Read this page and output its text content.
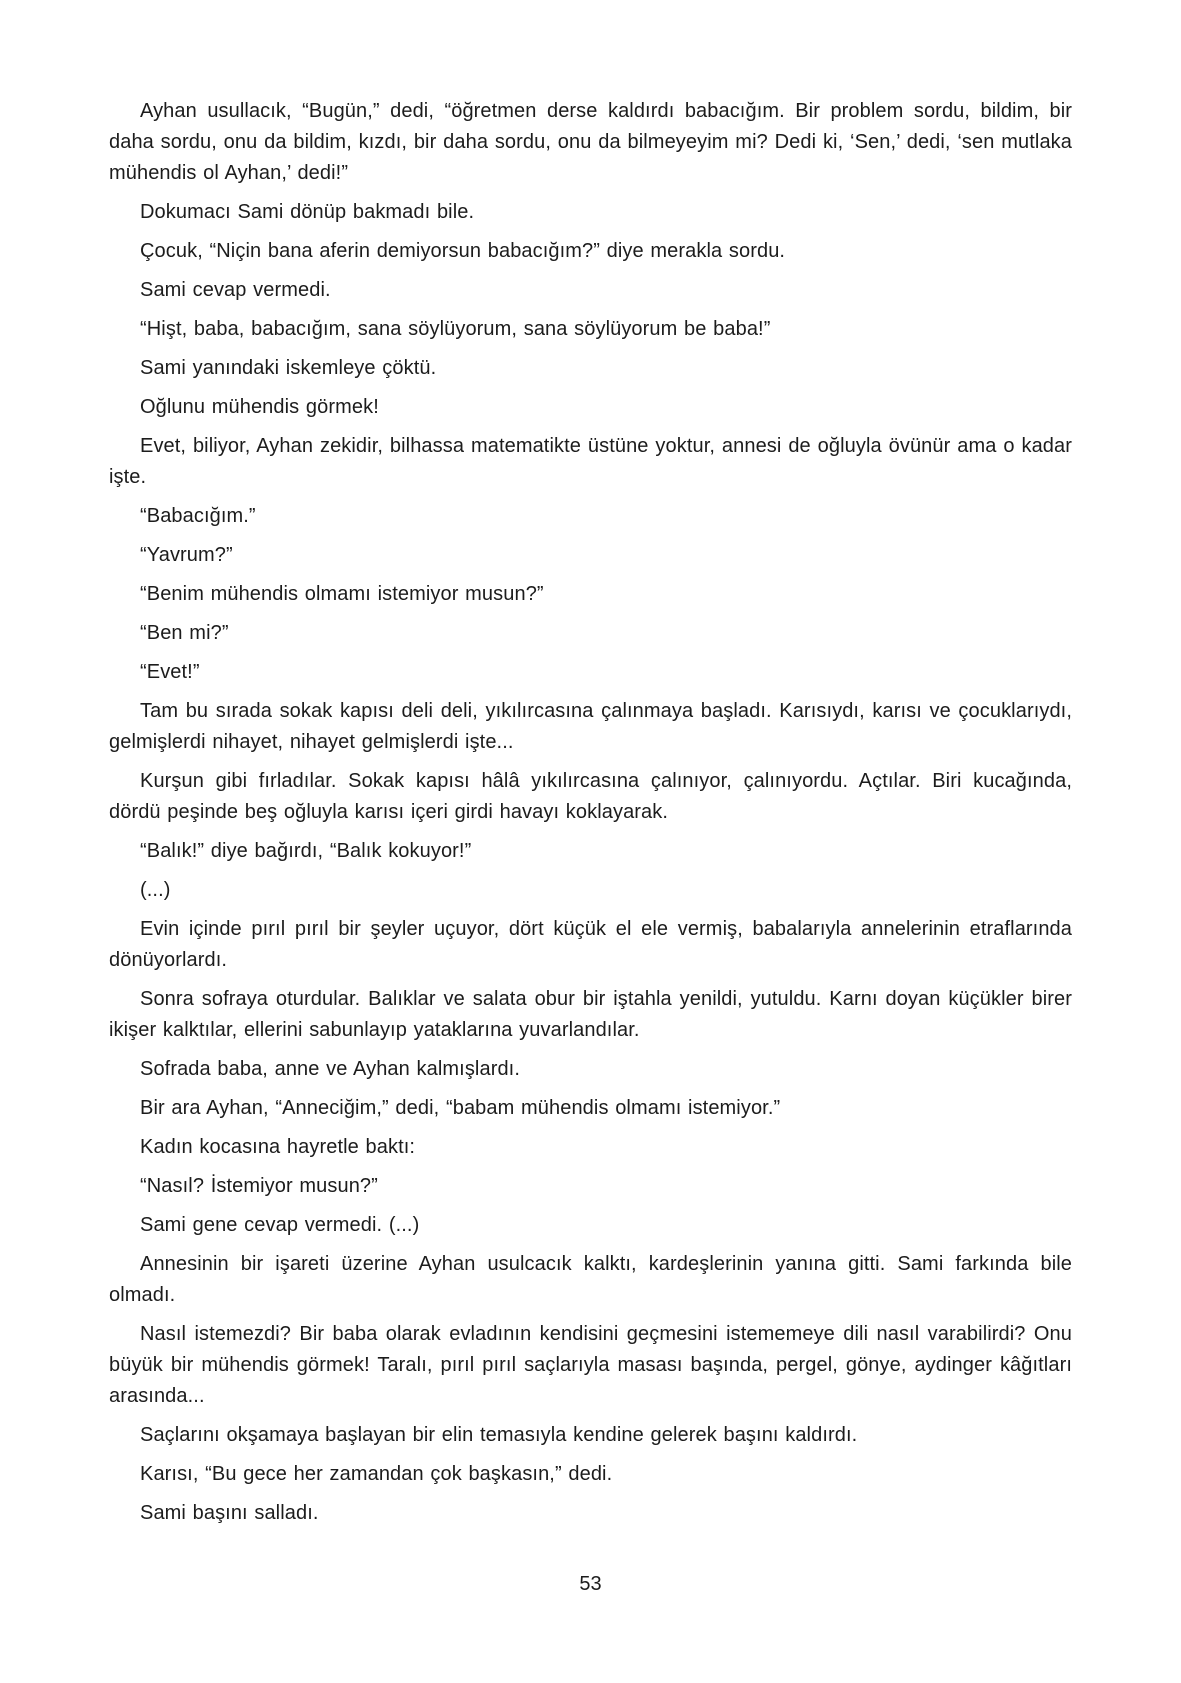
Ayhan usullacık, “Bugün,” dedi, “öğretmen derse kaldırdı babacığım. Bir problem sordu, bildim, bir daha sordu, onu da bildim, kızdı, bir daha sordu, onu da bilmeyeyim mi? Dedi ki, ‘Sen,’ dedi, ‘sen mutlaka mühendis ol Ayhan,’ dedi!”

Dokumacı Sami dönüp bakmadı bile.

Çocuk, “Niçin bana aferin demiyorsun babacığım?” diye merakla sordu.

Sami cevap vermedi.

“Hişt, baba, babacığım, sana söylüyorum, sana söylüyorum be baba!”

Sami yanındaki iskemleye çöktü.

Oğlunu mühendis görmek!

Evet, biliyor, Ayhan zekidir, bilhassa matematikte üstüne yoktur, annesi de oğluyla övünür ama o kadar işte.

“Babacığım.”

“Yavrum?”

“Benim mühendis olmamı istemiyor musun?”

“Ben mi?”

“Evet!”

Tam bu sırada sokak kapısı deli deli, yıkılırcasına çalınmaya başladı. Karısıydı, karısı ve çocuklarıydı, gelmişlerdi nihayet, nihayet gelmişlerdi işte...

Kurşun gibi fırladılar. Sokak kapısı hâlâ yıkılırcasına çalınıyor, çalınıyordu. Açtılar. Biri kucağında, dördü peşinde beş oğluyla karısı içeri girdi havayı koklayarak.

“Balık!” diye bağırdı, “Balık kokuyor!”

(...)

Evin içinde pırıl pırıl bir şeyler uçuyor, dört küçük el ele vermiş, babalarıyla annelerinin etraflarında dönüyorlardı.

Sonra sofraya oturdular. Balıklar ve salata obur bir iştahla yenildi, yutuldu. Karnı doyan küçükler birer ikişer kalktılar, ellerini sabunlayıp yataklarına yuvarlandılar.

Sofrada baba, anne ve Ayhan kalmışlardı.

Bir ara Ayhan, “Anneciğim,” dedi, “babam mühendis olmamı istemiyor.”

Kadın kocasına hayretle baktı:

“Nasıl? İstemiyor musun?”

Sami gene cevap vermedi. (...)

Annesinin bir işareti üzerine Ayhan usulcacık kalktı, kardeşlerinin yanına gitti. Sami farkında bile olmadı.

Nasıl istemezdi? Bir baba olarak evladının kendisini geçmesini istememeye dili nasıl varabilirdi? Onu büyük bir mühendis görmek! Taralı, pırıl pırıl saçlarıyla masası başında, pergel, gönye, aydinger kâğıtları arasında...

Saçlarını okşamaya başlayan bir elin temasıyla kendine gelerek başını kaldırdı.

Karısı, “Bu gece her zamandan çok başkasın,” dedi.

Sami başını salladı.

53
